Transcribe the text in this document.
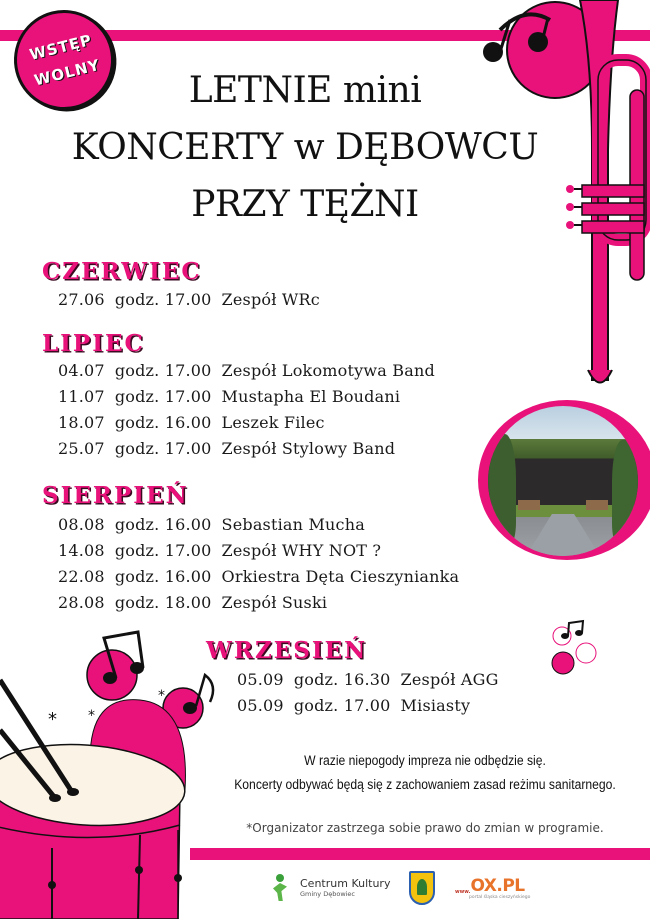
WSTĘP
WOLNY	LETNIE mini
KONCERTY w DĘBOWCU
PRZY TĘŻNI
CZERWIEC
27.06 godz. 17.00 Zespół WRc
LIPIEC
04.07 godz. 17.00 Zespół Lokomotywa Band
11.07 godz. 17.00 Mustapha El Boudani
18.07 godz. 16.00 Leszek Filec
25.07 godz. 17.00 Zespół Stylowy Band
SIERPIEŃ
08.08 godz. 16.00 Sebastian Mucha
14.08 godz. 17.00 Zespół WHY NOT ?
22.08 godz. 16.00 Orkiestra Dęta Cieszynianka
28.08 godz. 18.00 Zespół Suski
WRZESIEŃ
05.09 godz. 16.30 Zespół AGG
05.09 godz. 17.00 Misiasty
* *
*
W razie niepogody impreza nie odbędzie się.
Koncerty odbywać będą się z zachowaniem zasad reżimu sanitarnego.
*Organizator zastrzega sobie prawo do zmian w programie.
Centrum Kultury
Gminy Dębowiec	www.OX.PL
portal śląska cieszyńskiego
